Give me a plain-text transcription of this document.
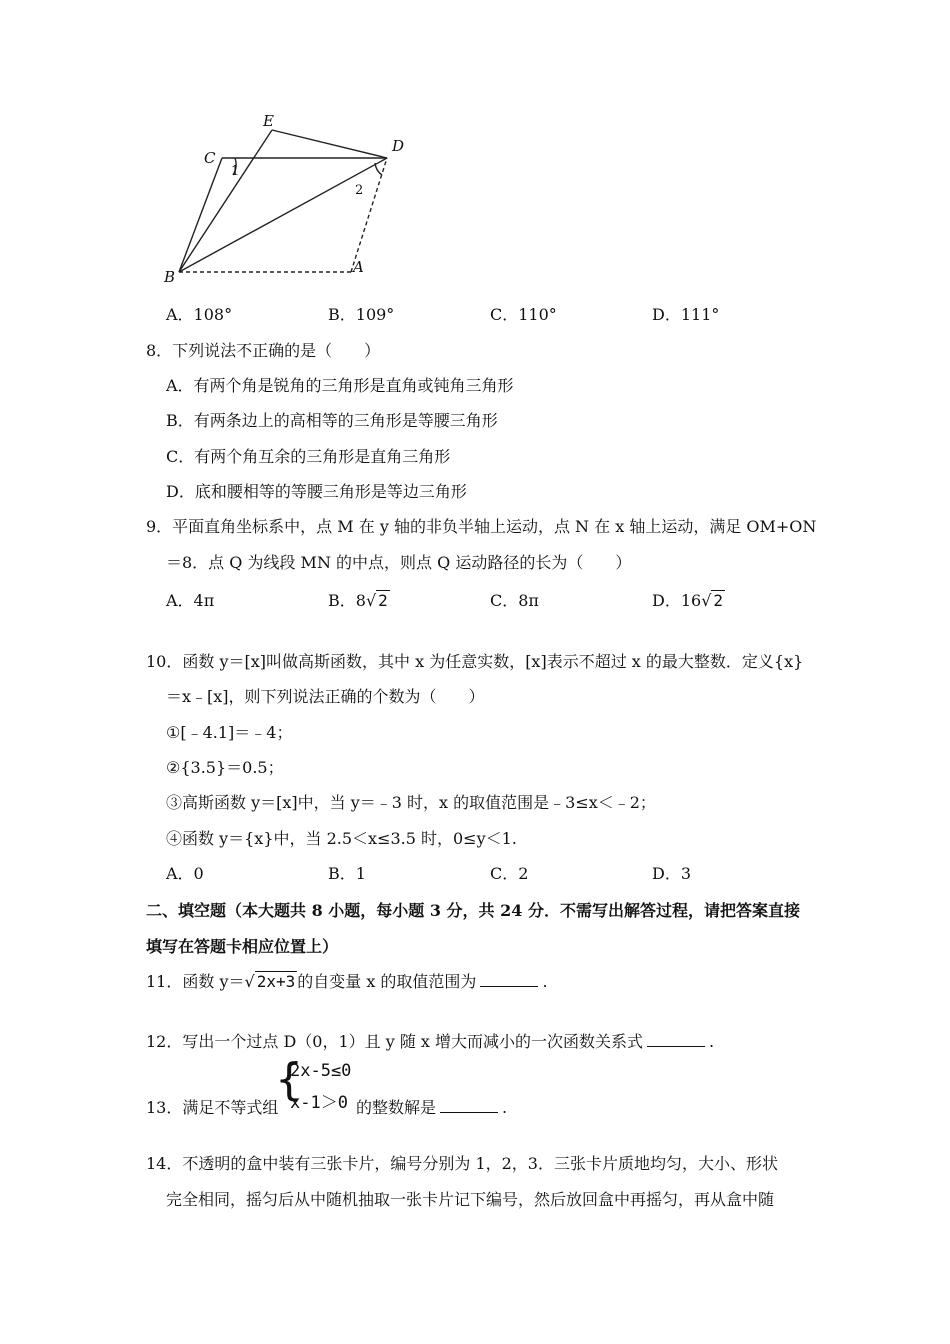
E
C
D
B
A
1
2
A．108°	B．109°	C．110°	D．111°
8．下列说法不正确的是（　　）
A．有两个角是锐角的三角形是直角或钝角三角形
B．有两条边上的高相等的三角形是等腰三角形
C．有两个角互余的三角形是直角三角形
D．底和腰相等的等腰三角形是等边三角形
9．平面直角坐标系中，点 M 在 y 轴的非负半轴上运动，点 N 在 x 轴上运动，满足 OM+ON
＝8．点 Q 为线段 MN 的中点，则点 Q 运动路径的长为（　　）
A．4π	B．8√ 2	C．8π	D．16√ 2
10．函数 y＝[x]叫做高斯函数，其中 x 为任意实数，[x]表示不超过 x 的最大整数．定义{x}
＝x﹣[x]，则下列说法正确的个数为（　　）
①[﹣4.1]＝﹣4；
②{3.5}＝0.5；
③高斯函数 y＝[x]中，当 y＝﹣3 时，x 的取值范围是﹣3≤x＜﹣2；
④函数 y＝{x}中，当 2.5＜x≤3.5 时，0≤y＜1.
A．0	B．1	C．2	D．3
二、填空题（本大题共 8 小题，每小题 3 分，共 24 分．不需写出解答过程，请把答案直接
填写在答题卡相应位置上）
11．函数 y＝√ 2x+3 的自变量 x 的取值范围为	.
12．写出一个过点 D（0，1）且 y 随 x 增大而减小的一次函数关系式	.
13．满足不等式组
{
2x-5≤0
x-1＞0 的整数解是	.
14．不透明的盒中装有三张卡片，编号分别为 1，2，3．三张卡片质地均匀，大小、形状
完全相同，摇匀后从中随机抽取一张卡片记下编号，然后放回盒中再摇匀，再从盒中随
